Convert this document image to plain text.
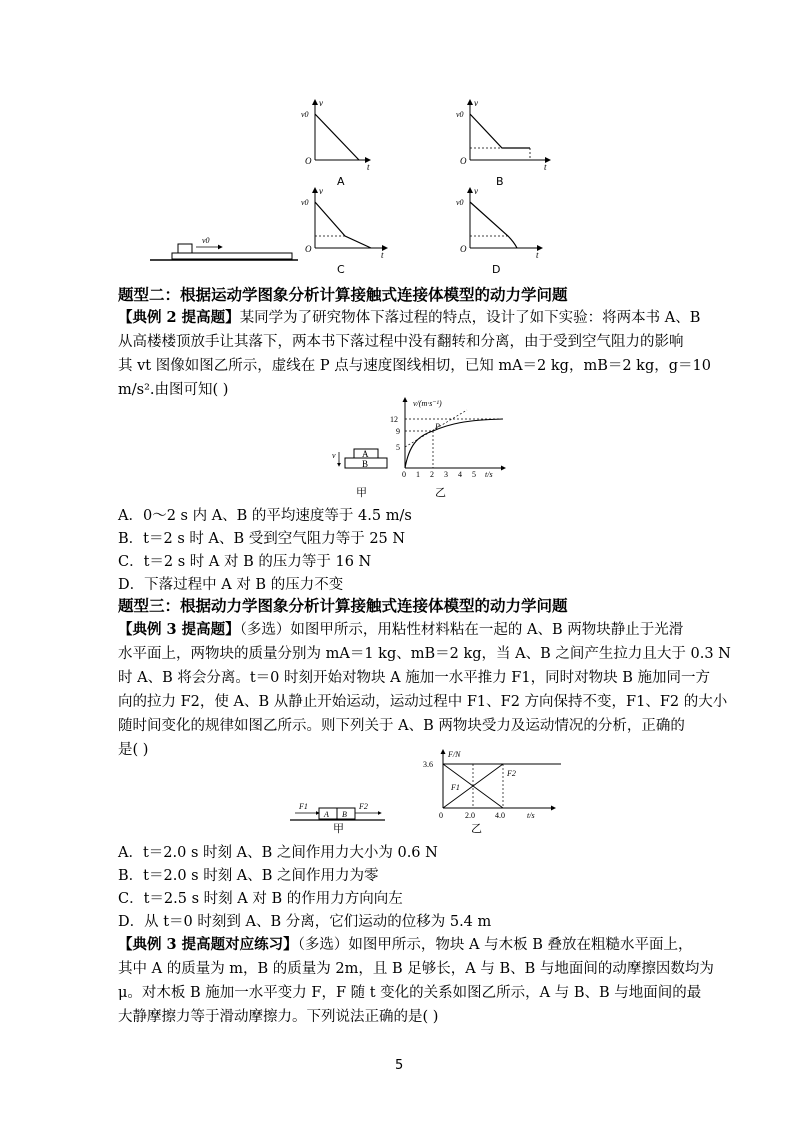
v
v0
O
t
A
v
v0
O
t
B
v
v0
O
t
C
v
v0
O
t
D
v0
题型二：根据运动学图象分析计算接触式连接体模型的动力学问题
【典例 2 提高题】某同学为了研究物体下落过程的特点，设计了如下实验：将两本书 A、B
从高楼楼顶放手让其落下，两本书下落过程中没有翻转和分离，由于受到空气阻力的影响
其 vt 图像如图乙所示，虚线在 P 点与速度图线相切，已知 mA＝2 kg，mB＝2 kg，g＝10
m/s².由图可知( )
A
B
v
甲
P
v/(m·s⁻¹)
12
9
5
0 1 2 3 4 5 t/s
乙
A．0～2 s 内 A、B 的平均速度等于 4.5 m/s
B．t＝2 s 时 A、B 受到空气阻力等于 25 N
C．t＝2 s 时 A 对 B 的压力等于 16 N
D．下落过程中 A 对 B 的压力不变
题型三：根据动力学图象分析计算接触式连接体模型的动力学问题
【典例 3 提高题】（多选）如图甲所示，用粘性材料粘在一起的 A、B 两物块静止于光滑
水平面上，两物块的质量分别为 mA＝1 kg、mB＝2 kg，当 A、B 之间产生拉力且大于 0.3 N
时 A、B 将会分离。t＝0 时刻开始对物块 A 施加一水平推力 F1，同时对物块 B 施加同一方
向的拉力 F2，使 A、B 从静止开始运动，运动过程中 F1、F2 方向保持不变，F1、F2 的大小
随时间变化的规律如图乙所示。则下列关于 A、B 两物块受力及运动情况的分析，正确的
是( )
A B
F1	F2
甲
F/N
3.6
F1
F2
0	2.0	4.0	t/s
乙
A．t＝2.0 s 时刻 A、B 之间作用力大小为 0.6 N
B．t＝2.0 s 时刻 A、B 之间作用力为零
C．t＝2.5 s 时刻 A 对 B 的作用力方向向左
D．从 t＝0 时刻到 A、B 分离，它们运动的位移为 5.4 m
【典例 3 提高题对应练习】（多选）如图甲所示，物块 A 与木板 B 叠放在粗糙水平面上，
其中 A 的质量为 m，B 的质量为 2m，且 B 足够长，A 与 B、B 与地面间的动摩擦因数均为
μ。对木板 B 施加一水平变力 F，F 随 t 变化的关系如图乙所示，A 与 B、B 与地面间的最
大静摩擦力等于滑动摩擦力。下列说法正确的是( )
5
